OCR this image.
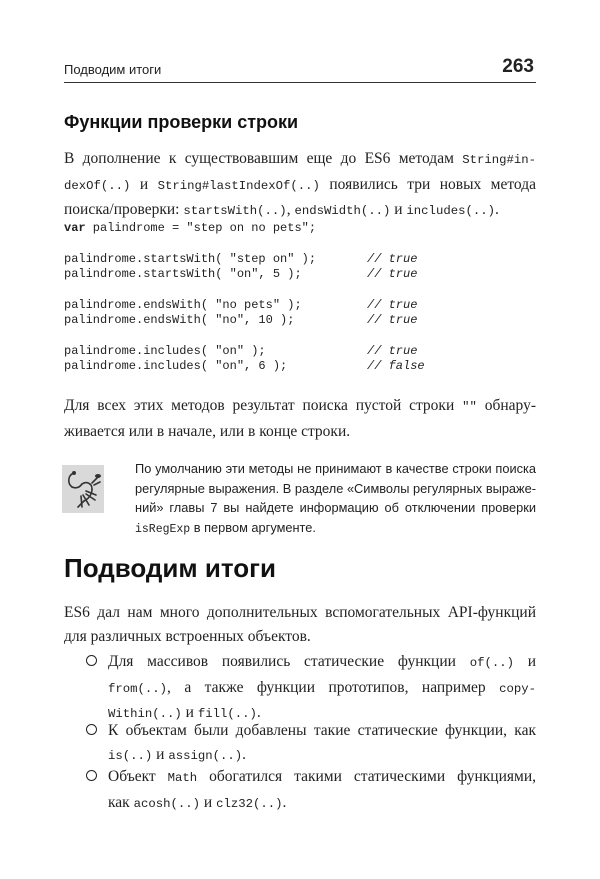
Подводим итоги	263
Функции проверки строки
В дополнение к существовавшим еще до ES6 методам String#in-
dexOf(..) и String#lastIndexOf(..) появились три новых метода
поиска/проверки: startsWith(..), endsWidth(..) и includes(..).
var palindrome = "step on no pets";
palindrome.startsWith( "step on" );	// true
palindrome.startsWith( "on", 5 );	// true
palindrome.endsWith( "no pets" );	// true
palindrome.endsWith( "no", 10 );	// true
palindrome.includes( "on" );	// true
palindrome.includes( "on", 6 );	// false
Для всех этих методов результат поиска пустой строки "" обнару-
живается или в начале, или в конце строки.
По умолчанию эти методы не принимают в качестве строки поиска
регулярные выражения. В разделе «Символы регулярных выраже-
ний» главы 7 вы найдете информацию об отключении проверки
isRegExp в первом аргументе.
Подводим итоги
ES6 дал нам много дополнительных вспомогательных API-функций
для различных встроенных объектов.
Для массивов появились статические функции of(..) и
from(..), а также функции прототипов, например copy-
Within(..) и fill(..).
К объектам были добавлены такие статические функции, как
is(..) и assign(..).
Объект Math обогатился такими статическими функциями,
как acosh(..) и clz32(..).
